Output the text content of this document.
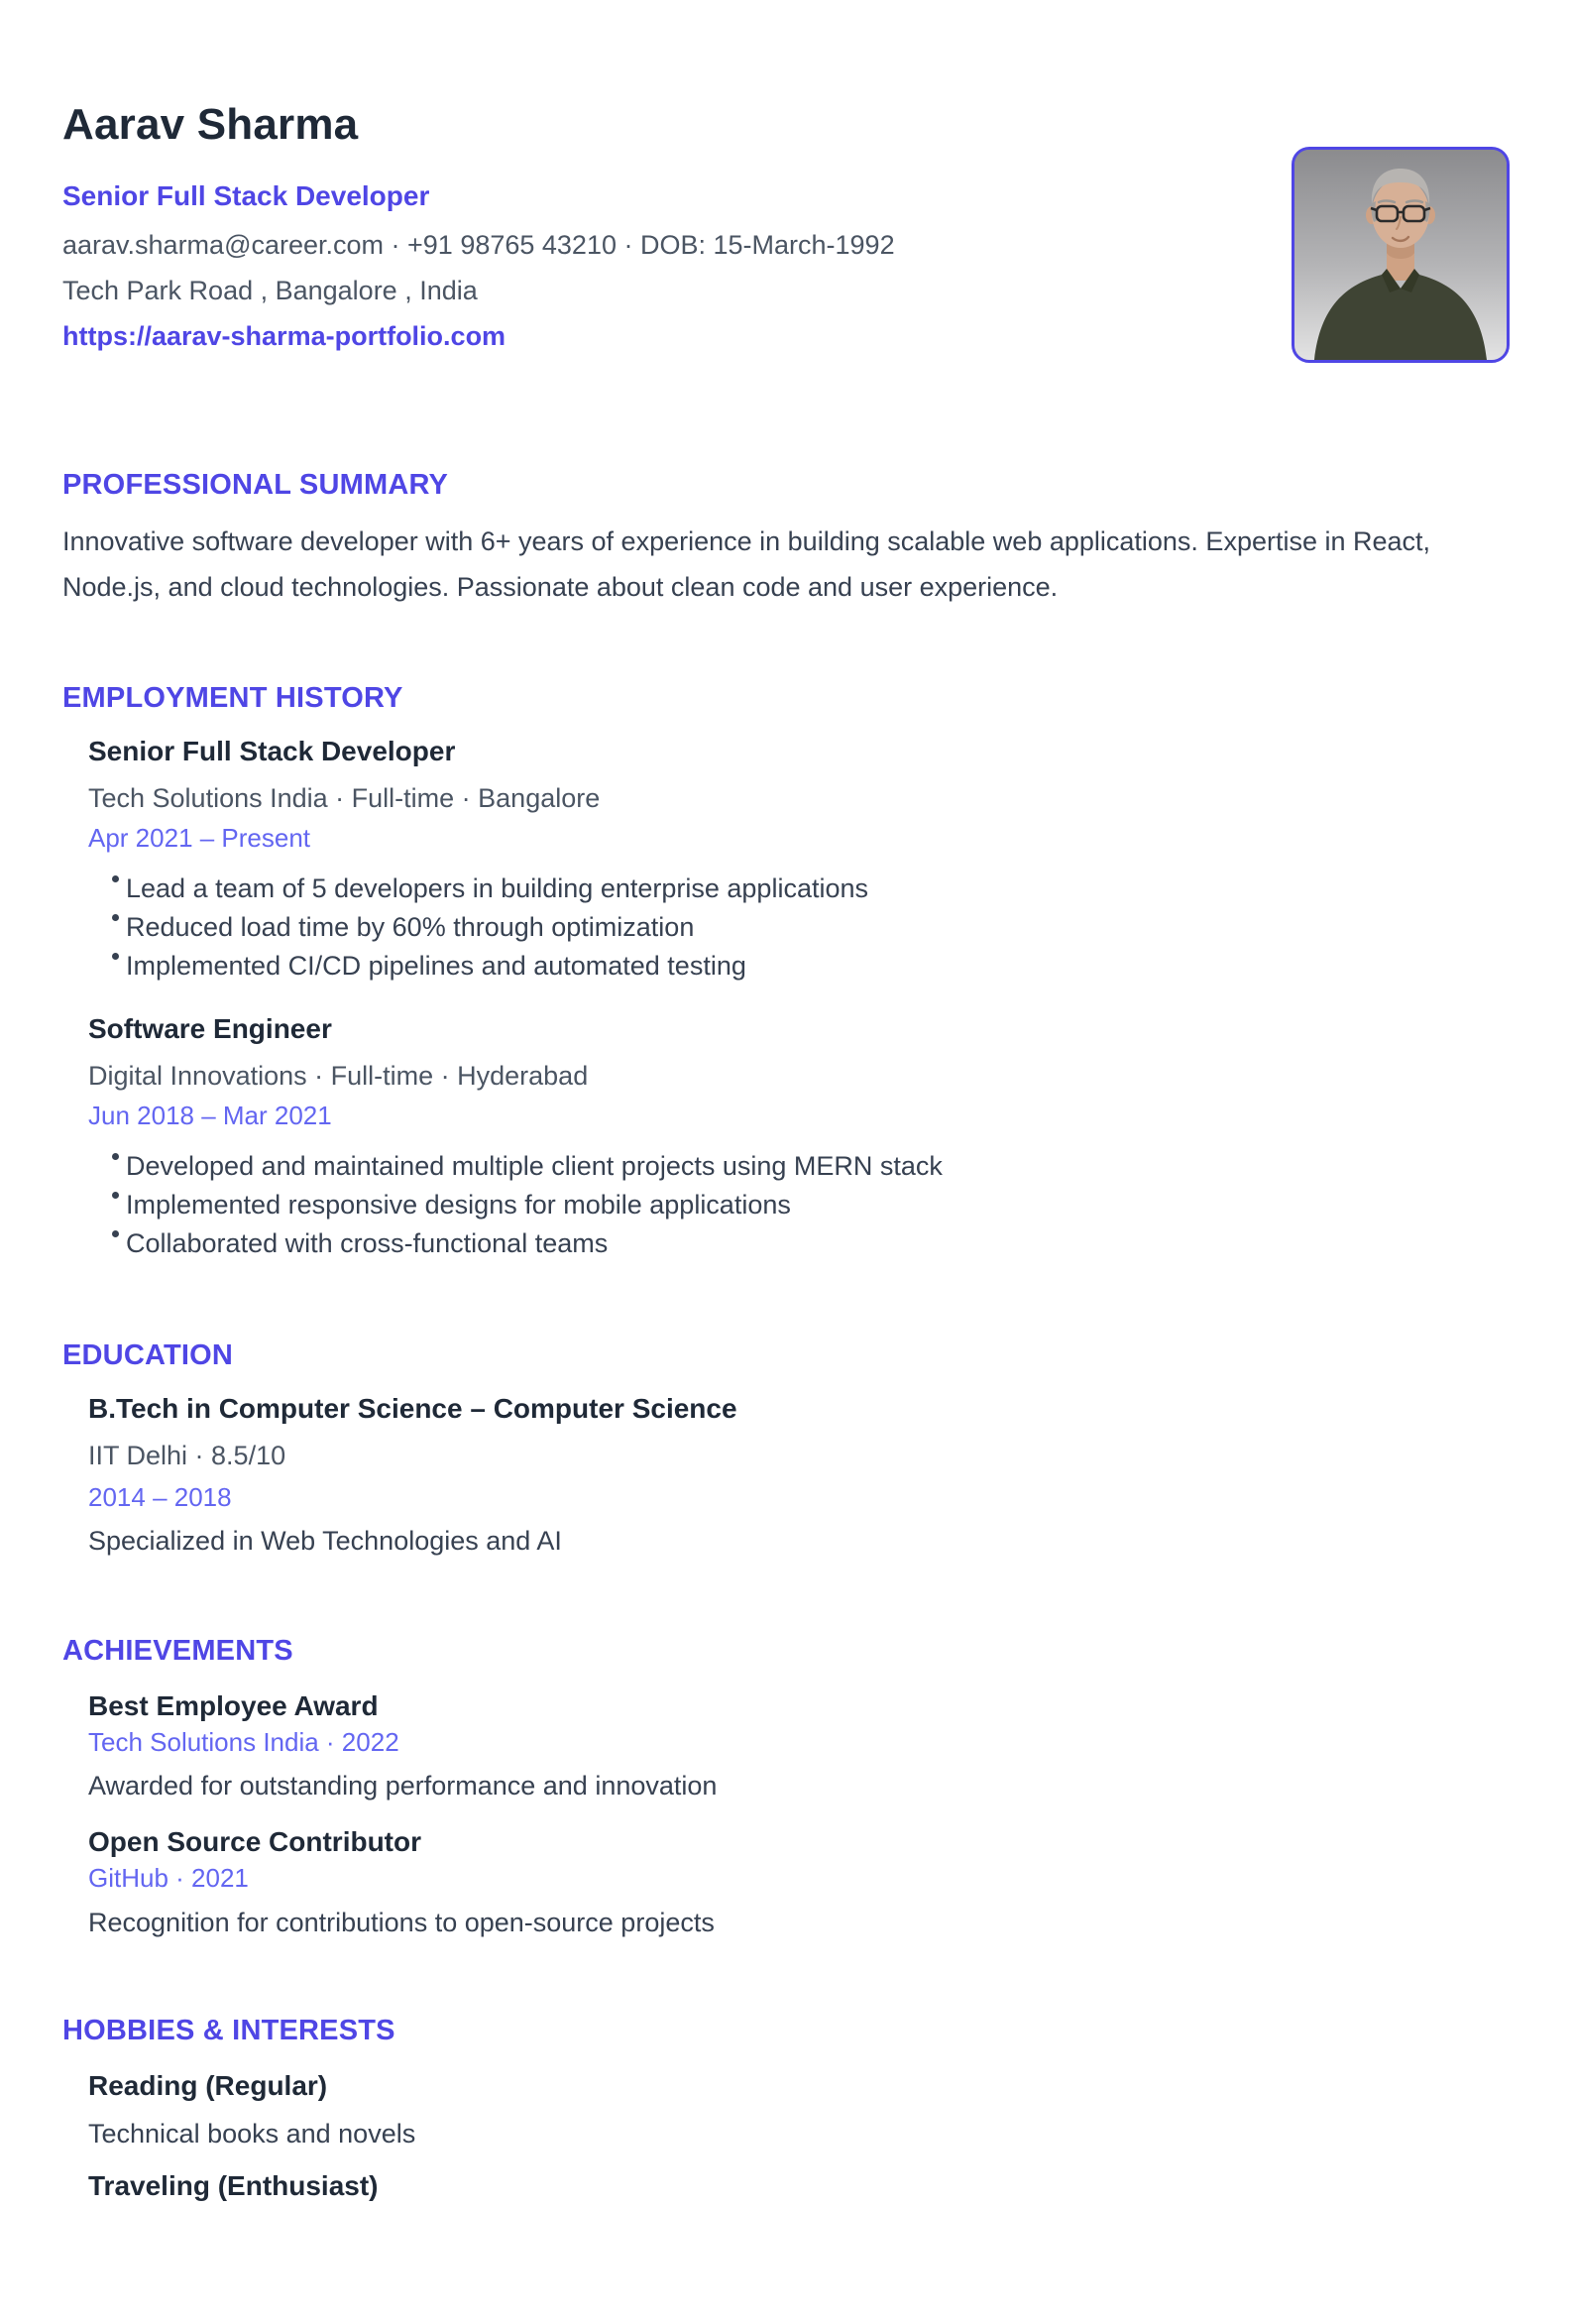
Aarav Sharma
Senior Full Stack Developer
aarav.sharma@career.com · +91 98765 43210 · DOB: 15-March-1992
Tech Park Road , Bangalore , India
https://aarav-sharma-portfolio.com
PROFESSIONAL SUMMARY

Innovative software developer with 6+ years of experience in building scalable web applications. Expertise in React, Node.js, and cloud technologies. Passionate about clean code and user experience.

EMPLOYMENT HISTORY
Senior Full Stack Developer
Tech Solutions India · Full-time · Bangalore
Apr 2021 – Present
Lead a team of 5 developers in building enterprise applications
Reduced load time by 60% through optimization
Implemented CI/CD pipelines and automated testing
Software Engineer
Digital Innovations · Full-time · Hyderabad
Jun 2018 – Mar 2021
Developed and maintained multiple client projects using MERN stack
Implemented responsive designs for mobile applications
Collaborated with cross-functional teams
EDUCATION
B.Tech in Computer Science – Computer Science
IIT Delhi · 8.5/10
2014 – 2018
Specialized in Web Technologies and AI
ACHIEVEMENTS
Best Employee Award
Tech Solutions India · 2022
Awarded for outstanding performance and innovation
Open Source Contributor
GitHub · 2021
Recognition for contributions to open-source projects
HOBBIES & INTERESTS
Reading (Regular)
Technical books and novels
Traveling (Enthusiast)
